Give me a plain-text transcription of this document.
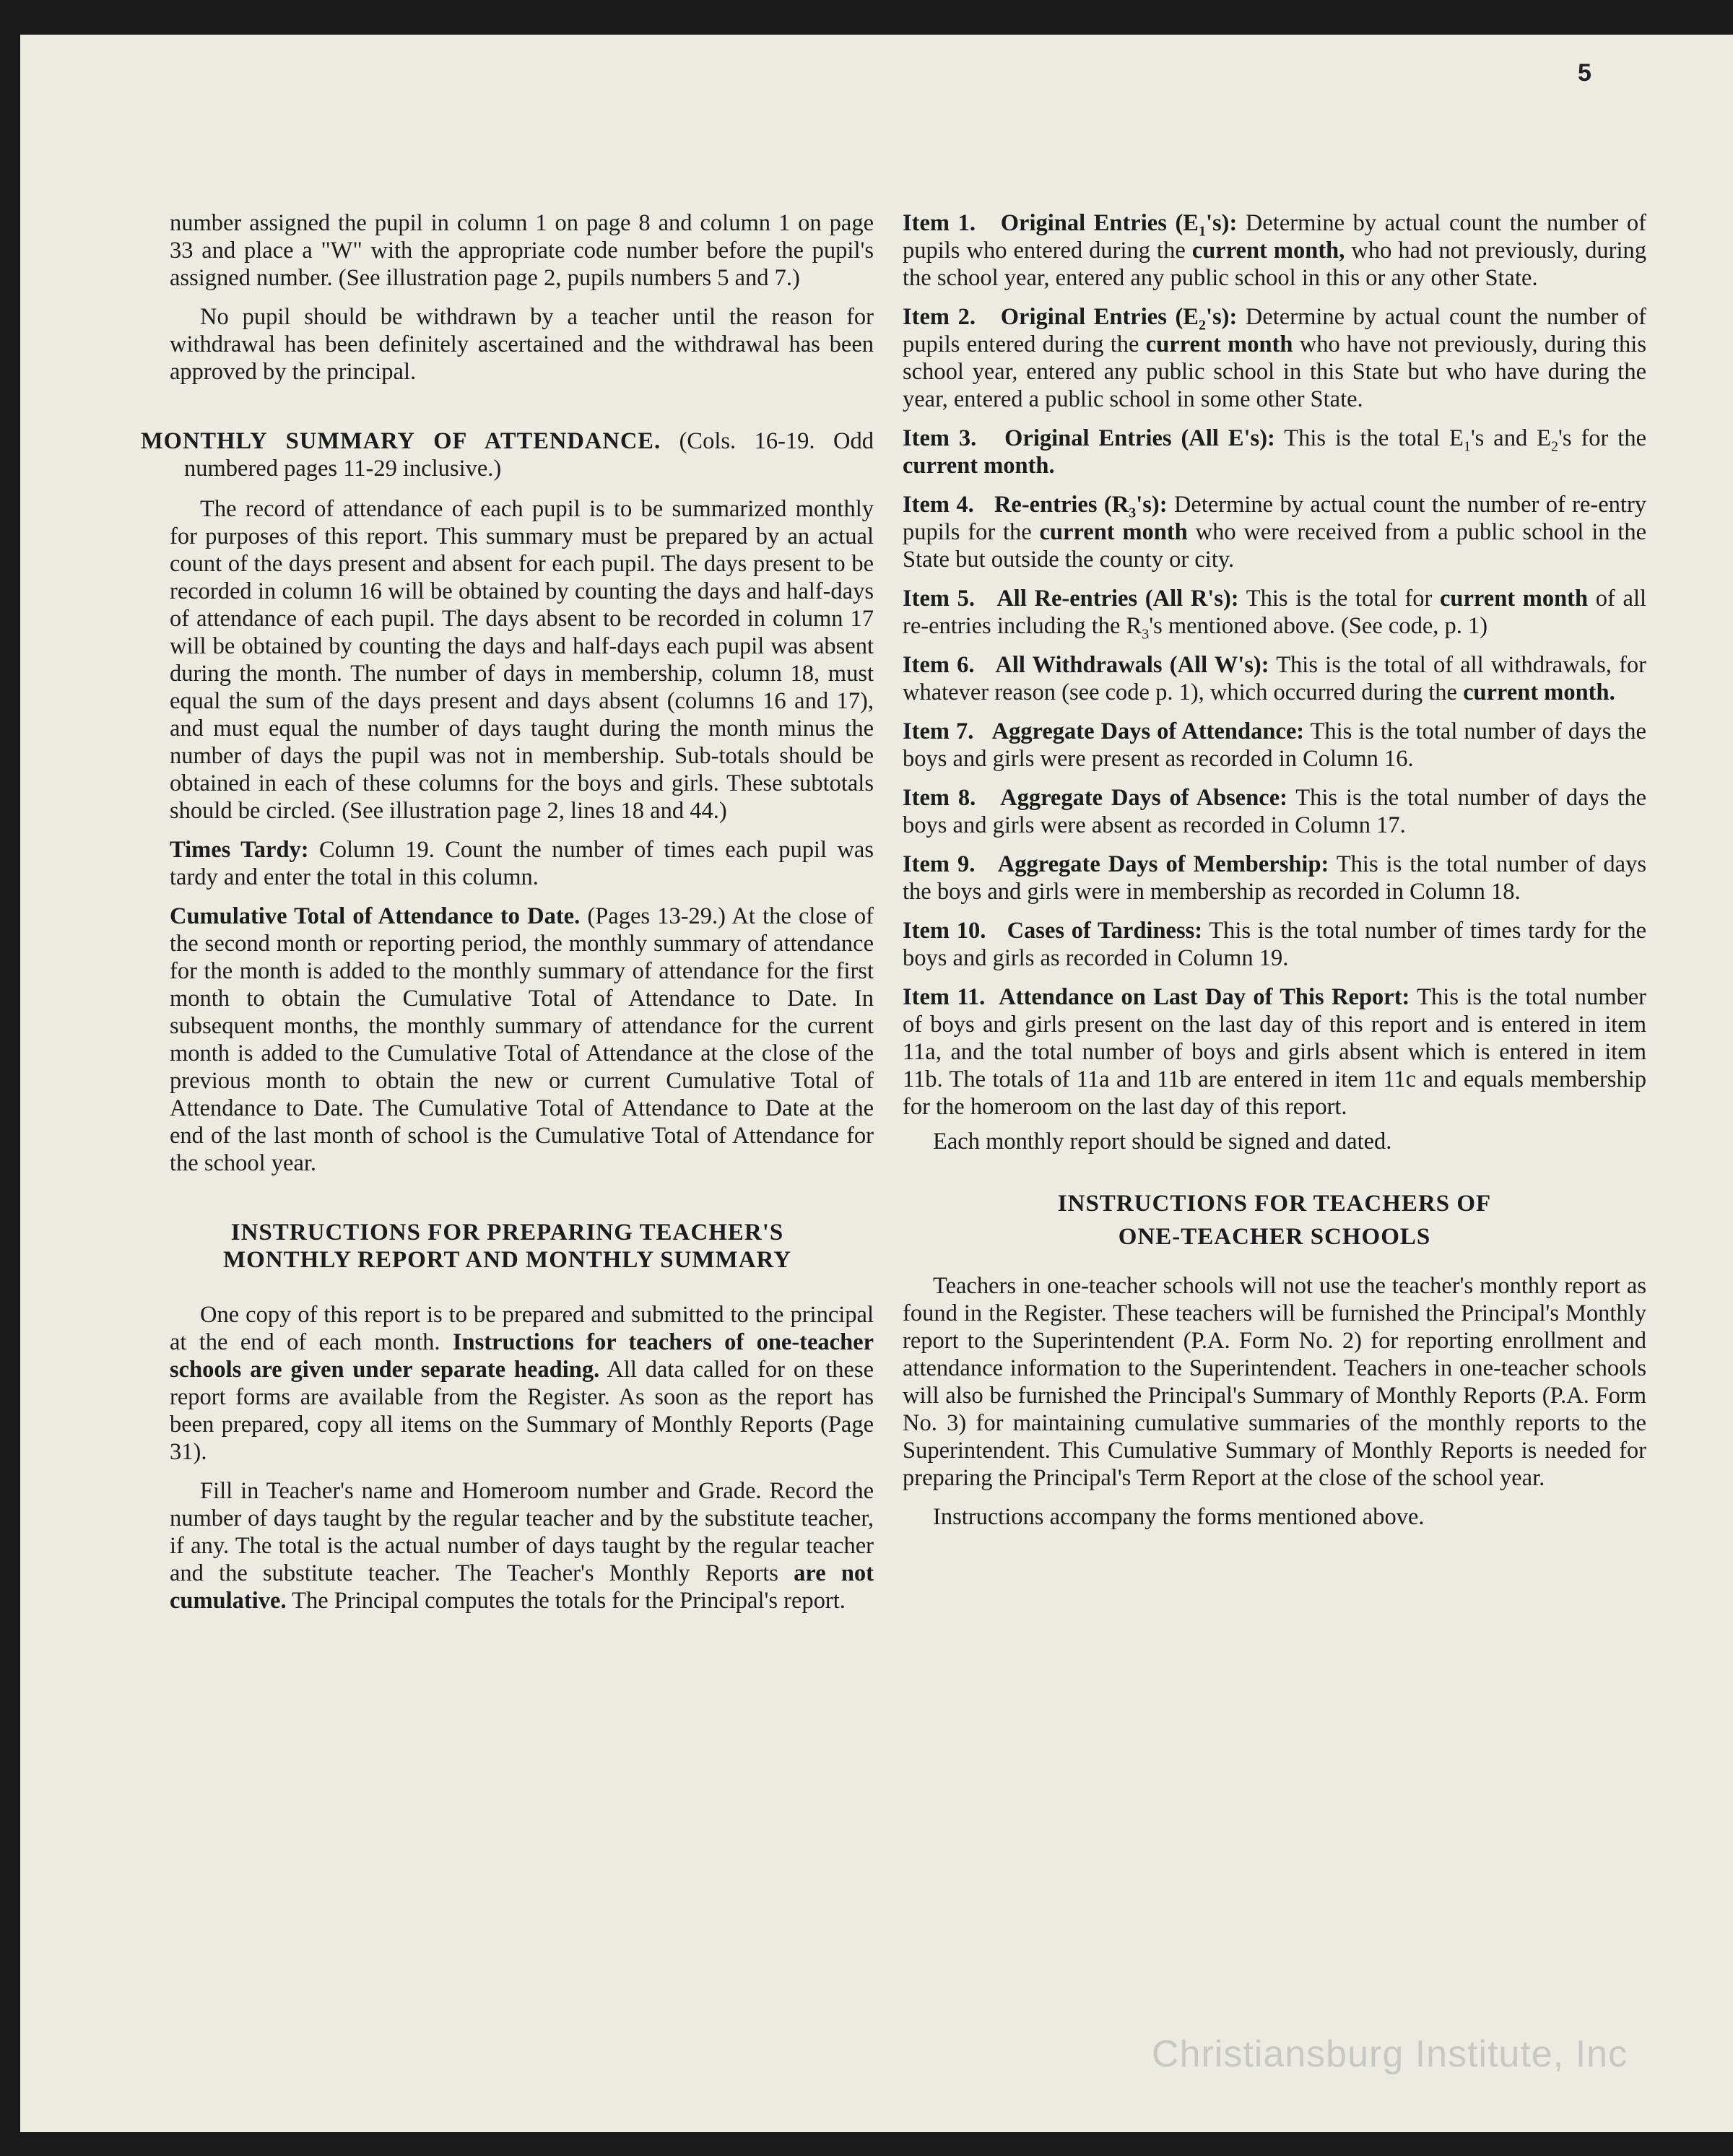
5

number assigned the pupil in column 1 on page 8 and column 1 on page 33 and place a "W" with the appropriate code number before the pupil's assigned number. (See illustration page 2, pupils numbers 5 and 7.)

No pupil should be withdrawn by a teacher until the reason for withdrawal has been definitely ascertained and the withdrawal has been approved by the principal.

MONTHLY SUMMARY OF ATTENDANCE. (Cols. 16-19. Odd numbered pages 11-29 inclusive.)

The record of attendance of each pupil is to be summarized monthly for purposes of this report. This summary must be prepared by an actual count of the days present and absent for each pupil. The days present to be recorded in column 16 will be obtained by counting the days and half-days of attendance of each pupil. The days absent to be recorded in column 17 will be obtained by counting the days and half-days each pupil was absent during the month. The number of days in membership, column 18, must equal the sum of the days present and days absent (columns 16 and 17), and must equal the number of days taught during the month minus the number of days the pupil was not in membership. Sub-totals should be obtained in each of these columns for the boys and girls. These subtotals should be circled. (See illustration page 2, lines 18 and 44.)

Times Tardy: Column 19. Count the number of times each pupil was tardy and enter the total in this column.

Cumulative Total of Attendance to Date. (Pages 13-29.) At the close of the second month or reporting period, the monthly summary of attendance for the month is added to the monthly summary of attendance for the first month to obtain the Cumulative Total of Attendance to Date. In subsequent months, the monthly summary of attendance for the current month is added to the Cumulative Total of Attendance at the close of the previous month to obtain the new or current Cumulative Total of Attendance to Date. The Cumulative Total of Attendance to Date at the end of the last month of school is the Cumulative Total of Attendance for the school year.

INSTRUCTIONS FOR PREPARING TEACHER'S
MONTHLY REPORT AND MONTHLY SUMMARY

One copy of this report is to be prepared and submitted to the principal at the end of each month. Instructions for teachers of one-teacher schools are given under separate heading. All data called for on these report forms are available from the Register. As soon as the report has been prepared, copy all items on the Summary of Monthly Reports (Page 31).

Fill in Teacher's name and Homeroom number and Grade. Record the number of days taught by the regular teacher and by the substitute teacher, if any. The total is the actual number of days taught by the regular teacher and the substitute teacher. The Teacher's Monthly Reports are not cumulative. The Principal computes the totals for the Principal's report.

Item 1. Original Entries $(E_1's)$: Determine by actual count the number of pupils who entered during the current month, who had not previously, during the school year, entered any public school in this or any other State.

Item 2. Original Entries $(E_2's)$: Determine by actual count the number of pupils entered during the current month who have not previously, during this school year, entered any public school in this State but who have during the year, entered a public school in some other State.

Item 3. Original Entries (All E's): This is the total $E_1's$ and $E_2's$ for the current month.

Item 4. Re-entries $(R_3's)$: Determine by actual count the number of re-entry pupils for the current month who were received from a public school in the State but outside the county or city.

Item 5. All Re-entries (All R's): This is the total for current month of all re-entries including the $R_3's$ mentioned above. (See code, p. 1)

Item 6. All Withdrawals (All W's): This is the total of all withdrawals, for whatever reason (see code p. 1), which occurred during the current month.

Item 7. Aggregate Days of Attendance: This is the total number of days the boys and girls were present as recorded in Column 16.

Item 8. Aggregate Days of Absence: This is the total number of days the boys and girls were absent as recorded in Column 17.

Item 9. Aggregate Days of Membership: This is the total number of days the boys and girls were in membership as recorded in Column 18.

Item 10. Cases of Tardiness: This is the total number of times tardy for the boys and girls as recorded in Column 19.

Item 11. Attendance on Last Day of This Report: This is the total number of boys and girls present on the last day of this report and is entered in item 11a, and the total number of boys and girls absent which is entered in item 11b. The totals of 11a and 11b are entered in item 11c and equals membership for the homeroom on the last day of this report.

Each monthly report should be signed and dated.

INSTRUCTIONS FOR TEACHERS OF
ONE-TEACHER SCHOOLS

Teachers in one-teacher schools will not use the teacher's monthly report as found in the Register. These teachers will be furnished the Principal's Monthly report to the Superintendent (P.A. Form No. 2) for reporting enrollment and attendance information to the Superintendent. Teachers in one-teacher schools will also be furnished the Principal's Summary of Monthly Reports (P.A. Form No. 3) for maintaining cumulative summaries of the monthly reports to the Superintendent. This Cumulative Summary of Monthly Reports is needed for preparing the Principal's Term Report at the close of the school year.

Instructions accompany the forms mentioned above.

Christiansburg Institute, Inc
